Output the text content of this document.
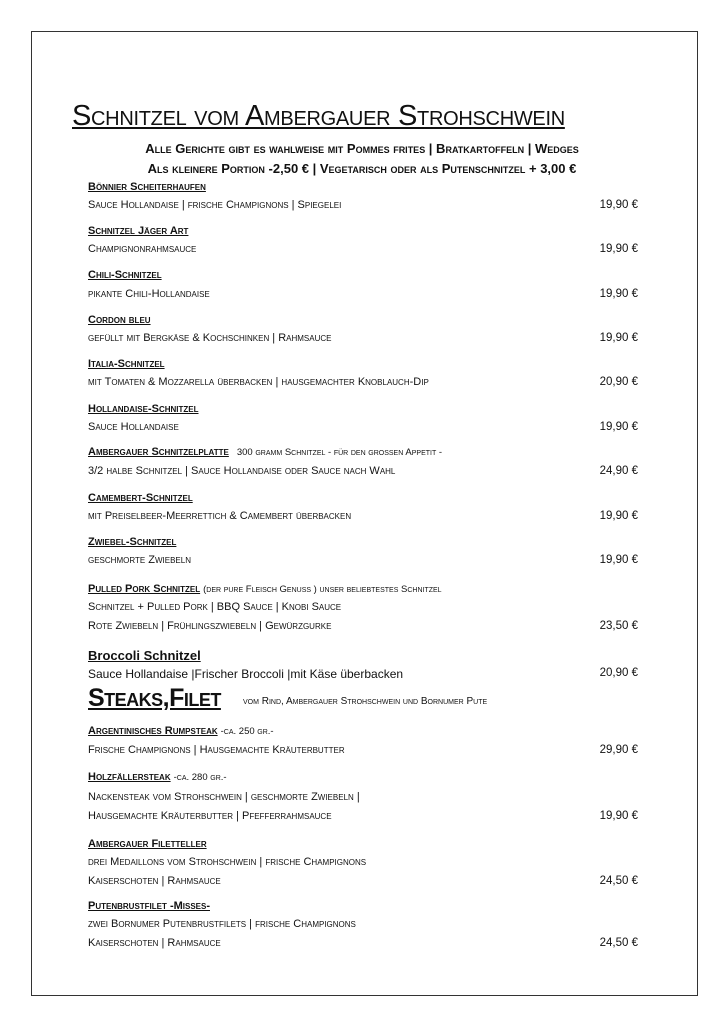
Schnitzel vom Ambergauer Strohschwein
Alle Gerichte gibt es wahlweise mit Pommes frites | Bratkartoffeln | Wedges
Als kleinere Portion -2,50 € | Vegetarisch oder als Putenschnitzel + 3,00 €
Bönnier Scheiterhaufen
Sauce Hollandaise | frische Champignons | Spiegelei	19,90 €
Schnitzel Jäger Art
Champignonrahmsauce	19,90 €
Chili-Schnitzel
pikante Chili-Hollandaise	19,90 €
Cordon bleu
gefüllt mit Bergkäse & Kochschinken | Rahmsauce	19,90 €
Italia-Schnitzel
mit Tomaten & Mozzarella überbacken | hausgemachter Knoblauch-Dip	20,90 €
Hollandaise-Schnitzel
Sauce Hollandaise	19,90 €
Ambergauer Schnitzelplatte 300 gramm Schnitzel - für den großen Appetit -
3/2 halbe Schnitzel | Sauce Hollandaise oder Sauce nach Wahl	24,90 €
Camembert-Schnitzel
mit Preiselbeer-Meerrettich & Camembert überbacken	19,90 €
Zwiebel-Schnitzel
geschmorte Zwiebeln	19,90 €
Pulled Pork Schnitzel (der pure Fleisch Genuss ) unser beliebtestes Schnitzel
Schnitzel + Pulled Pork | BBQ Sauce | Knobi Sauce
Rote Zwiebeln | Frühlingszwiebeln | Gewürzgurke	23,50 €
Broccoli Schnitzel
Sauce Hollandaise |Frischer Broccoli |mit Käse überbacken	20,90 €
Steaks,Filet vom Rind, Ambergauer Strohschwein und Bornumer Pute
Argentinisches Rumpsteak -ca. 250 gr.-
Frische Champignons | Hausgemachte Kräuterbutter	29,90 €
Holzfällersteak -ca. 280 gr.-
Nackensteak vom Strohschwein | geschmorte Zwiebeln |
Hausgemachte Kräuterbutter | Pfefferrahmsauce	19,90 €
Ambergauer Filetteller
drei Medaillons vom Strohschwein | frische Champignons
Kaiserschoten | Rahmsauce	24,50 €
Putenbrustfilet -Misses-
zwei Bornumer Putenbrustfilets | frische Champignons
Kaiserschoten | Rahmsauce	24,50 €
